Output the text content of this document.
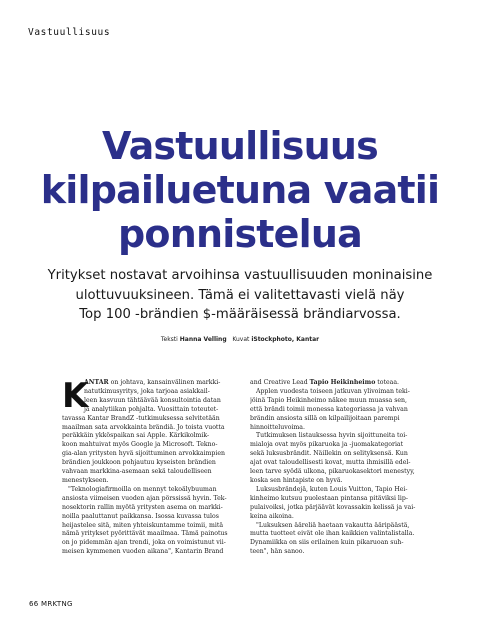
Vastuullisuus
Vastuullisuus
kilpailuetuna vaatii
ponnistelua
Yritykset nostavat arvoihinsa vastuullisuuden moninaisine
ulottuvuuksineen. Tämä ei valitettavasti vielä näy
Top 100 -brändien $-määräisessä brändiarvossa.
Teksti Hanna Velling Kuvat iStockphoto, Kantar
K
ANTAR on johtava, kansainvälinen markki-
natutkimusyritys, joka tarjoaa asiakkail-
leen kasvuun tähtäävää konsultointia datan
ja analytiikan pohjalta. Vuosittain toteutet-
tavassa Kantar BrandZ -tutkimuksessa selvitetään
maailman sata arvokkainta brändiä. Jo toista vuotta
peräkkäin ykköspaikan sai Apple. Kärkikolmik-
koon mahtuivat myös Google ja Microsoft. Tekno-
gia-alan yritysten hyvä sijoittuminen arvokkaimpien
brändien joukkoon pohjautuu kyseisten brändien
vahvaan markkina-asemaan sekä taloudelliseen
menestykseen.
"Teknologiafirmoilla on mennyt tekoälybuuman
ansiosta viimeisen vuoden ajan pörssissä hyvin. Tek-
nosektorin rallin myötä yritysten asema on markki-
noilla paaluttanut paikkansa. Isossa kuvassa tulos
heijastelee sitä, miten yhteiskuntamme toimii, mitä
nämä yritykset pyörittävät maailmaa. Tämä painotus
on jo pidemmän ajan trendi, joka on voimistunut vii-
meisen kymmenen vuoden aikana", Kantarin Brand
and Creative Lead Tapio Heikinheimo toteaa.
Applen vuodesta toiseen jatkuvan ylivoiman teki-
jöinä Tapio Heikinheimo näkee muun muassa sen,
että brändi toimii monessa kategoriassa ja vahvan
brändin ansiosta sillä on kilpailijoitaan parempi
hinnoitteluvoima.
Tutkimuksen listauksessa hyvin sijoittuneita toi-
mialoja ovat myös pikaruoka ja -juomakategoriat
sekä luksusbrändit. Näillekin on selityksensä. Kun
ajat ovat taloudellisesti kovat, mutta ihmisillä edel-
leen tarve syödä ulkona, pikaruokasektori menestyy,
koska sen hintapiste on hyvä.
Luksusbrändejä, kuten Louis Vuitton, Tapio Hei-
kinheimo kutsuu puolestaan pintansa pitäviksi lip-
pulaivoiksi, jotka pärjäävät kovassakin kelissä ja vai-
keina aikoina.
"Luksuksen ääreliä haetaan vakautta ääripäästä,
mutta tuotteet eivät ole ihan kaikkien valintalistalla.
Dynamiikka on siis erilainen kuin pikaruoan suh-
teen", hän sanoo.
66 MRKTNG
